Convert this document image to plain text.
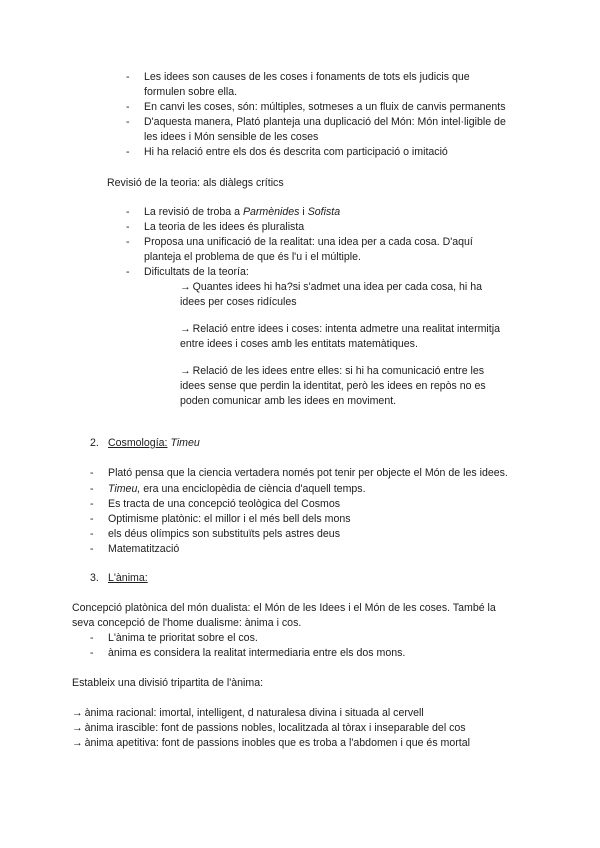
- Les idees son causes de les coses i fonaments de tots els judicis que
formulen sobre ella.
- En canvi les coses, són: múltiples, sotmeses a un fluix de canvis permanents
- D'aquesta manera, Plató planteja una duplicació del Món: Món intel·ligible de
les idees i Món sensible de les coses
- Hi ha relació entre els dos és descrita com participació o imitació
Revisió de la teoria: als diàlegs crítics
- La revisió de troba a Parmènides i Sofista
- La teoria de les idees és pluralista
- Proposa una unificació de la realitat: una idea per a cada cosa. D'aquí
planteja el problema de que és l'u i el múltiple.
- Dificultats de la teoría:
→ Quantes idees hi ha?si s'admet una idea per cada cosa, hi ha
idees per coses ridícules
→ Relació entre idees i coses: intenta admetre una realitat intermitja
entre idees i coses amb les entitats matemàtiques.
→ Relació de les idees entre elles: si hi ha comunicació entre les
idees sense que perdin la identitat, però les idees en repòs no es
poden comunicar amb les idees en moviment.
2. Cosmología: Timeu
- Plató pensa que la ciencia vertadera només pot tenir per objecte el Món de les idees.
- Timeu, era una enciclopèdia de ciència d'aquell temps.
- Es tracta de una concepció teològica del Cosmos
- Optimisme platònic: el millor i el més bell dels mons
- els déus olímpics son substituïts pels astres deus
- Matematització
3. L'ànima:
Concepció platònica del món dualista: el Món de les Idees i el Món de les coses. També la
seva concepció de l'home dualisme: ànima i cos.
- L'ànima te prioritat sobre el cos.
- ànima es considera la realitat intermediaria entre els dos mons.
Estableix una divisió tripartita de l'ànima:
→ ànima racional: imortal, intelligent, d naturalesa divina i situada al cervell
→ ànima irascible: font de passions nobles, localitzada al tòrax i inseparable del cos
→ ànima apetitiva: font de passions inobles que es troba a l'abdomen i que és mortal
